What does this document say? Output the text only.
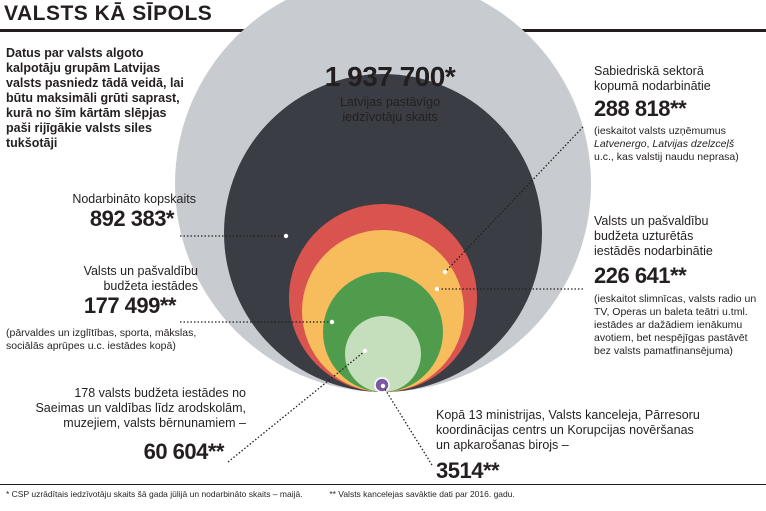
VALSTS KĀ SĪPOLS
Datus par valsts algoto kalpotāju grupām Latvijas valsts pasniedz tādā veidā, lai būtu maksimāli grūti saprast, kurā no šīm kārtām slēpjas paši rijīgākie valsts siles tukšotāji
1 937 700*
Latvijas pastāvīgo iedzīvotāju skaits
Nodarbināto kopskaits
892 383*
Sabiedriskā sektorā kopumā nodarbinātie
288 818**
(ieskaitot valsts uzņēmumus
Latvenergo, Latvijas dzelzceļš
u.c., kas valstij naudu neprasa)
Valsts un pašvaldību budžeta uzturētās iestādēs nodarbinātie
226 641**
(ieskaitot slimnīcas, valsts radio un TV, Operas un baleta teātri u.tml. iestādes ar dažādiem ienākumu avotiem, bet nespējīgas pastāvēt bez valsts pamatfinansējuma)
Valsts un pašvaldību budžeta iestādes
177 499**
(pārvaldes un izglītības, sporta, mākslas, sociālās aprūpes u.c. iestādes kopā)
178 valsts budžeta iestādes no Saeimas un valdības līdz arodskolām, muzejiem, valsts bērnunamiem –
60 604**
Kopā 13 ministrijas, Valsts kanceleja, Pārresoru koordinācijas centrs un Korupcijas novēršanas un apkarošanas birojs –
3514**
* CSP uzrādītais iedzīvotāju skaits šā gada jūlijā un nodarbināto skaits – maijā.	** Valsts kancelejas savāktie dati par 2016. gadu.
